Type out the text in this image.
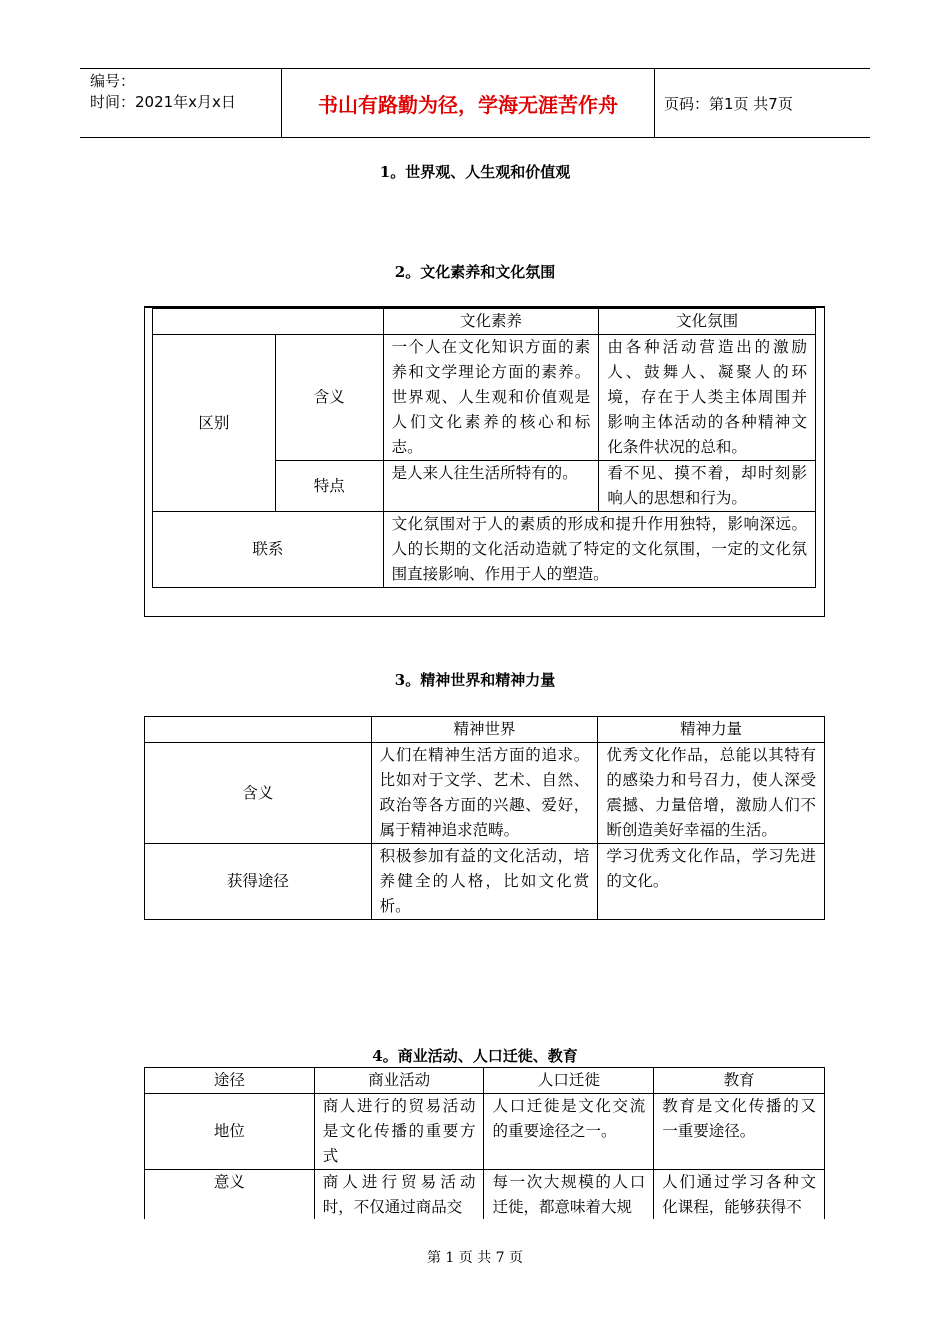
编号：
时间：2021年x月x日	书山有路勤为径，学海无涯苦作舟	页码：第1页 共7页
1。世界观、人生观和价值观
2。文化素养和文化氛围
		文化素养	文化氛围
区别	含义	一个人在文化知识方面的素养和文学理论方面的素养。世界观、人生观和价值观是人们文化素养的核心和标志。	由各种活动营造出的激励人、鼓舞人、凝聚人的环境，存在于人类主体周围并影响主体活动的各种精神文化条件状况的总和。
	特点	是人来人往生活所特有的。	看不见、摸不着，却时刻影响人的思想和行为。
联系		文化氛围对于人的素质的形成和提升作用独特，影响深远。人的长期的文化活动造就了特定的文化氛围，一定的文化氛围直接影响、作用于人的塑造。	
3。精神世界和精神力量
	精神世界	精神力量
含义	人们在精神生活方面的追求。比如对于文学、艺术、自然、政治等各方面的兴趣、爱好，属于精神追求范畴。	优秀文化作品，总能以其特有的感染力和号召力，使人深受震撼、力量倍增，激励人们不断创造美好幸福的生活。
获得途径	积极参加有益的文化活动，培养健全的人格，比如文化赏析。	学习优秀文化作品，学习先进的文化。
4。商业活动、人口迁徙、教育
途径	商业活动	人口迁徙	教育
地位	商人进行的贸易活动是文化传播的重要方式	人口迁徙是文化交流的重要途径之一。	教育是文化传播的又一重要途径。
意义	商人进行贸易活动时，不仅通过商品交	每一次大规模的人口迁徙，都意味着大规	人们通过学习各种文化课程，能够获得不
第 1 页 共 7 页
